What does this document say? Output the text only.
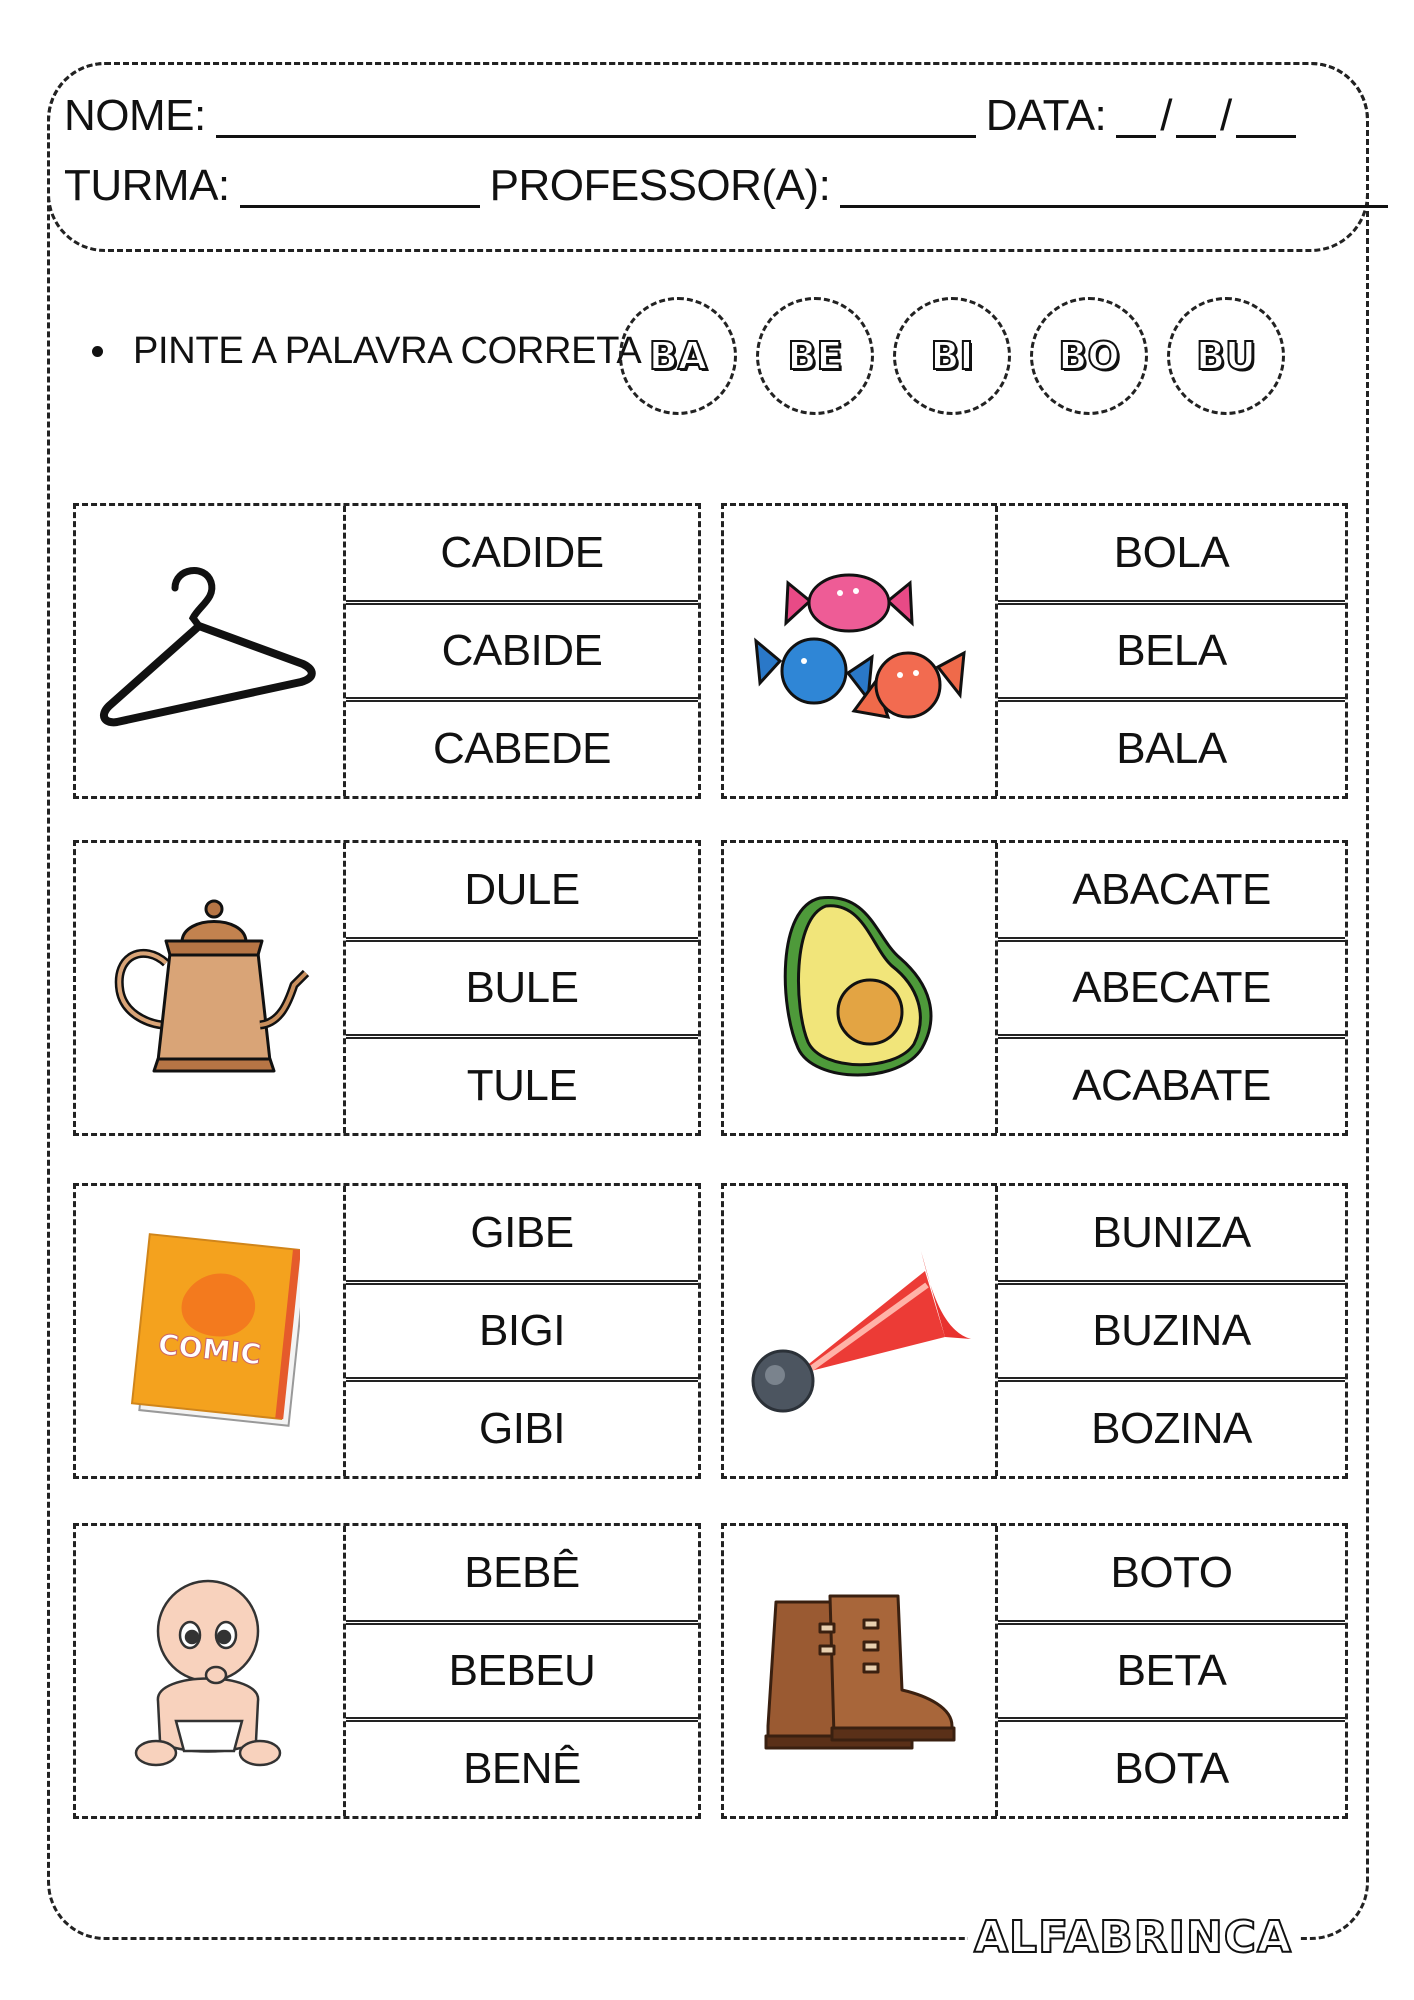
NOME:	DATA: / /
TURMA:	PROFESSOR(A):
PINTE A PALAVRA CORRETA BA	BE	BI	BO	BU
CADIDE
CABIDE
CABEDE
BOLA
BELA
BALA
DULE
BULE
TULE
ABACATE
ABECATE
ACABATE
COMIC
GIBE
BIGI
GIBI
BUNIZA
BUZINA
BOZINA
BEBÊ
BEBEU
BENÊ
BOTO
BETA
BOTA
ALFABRINCA
